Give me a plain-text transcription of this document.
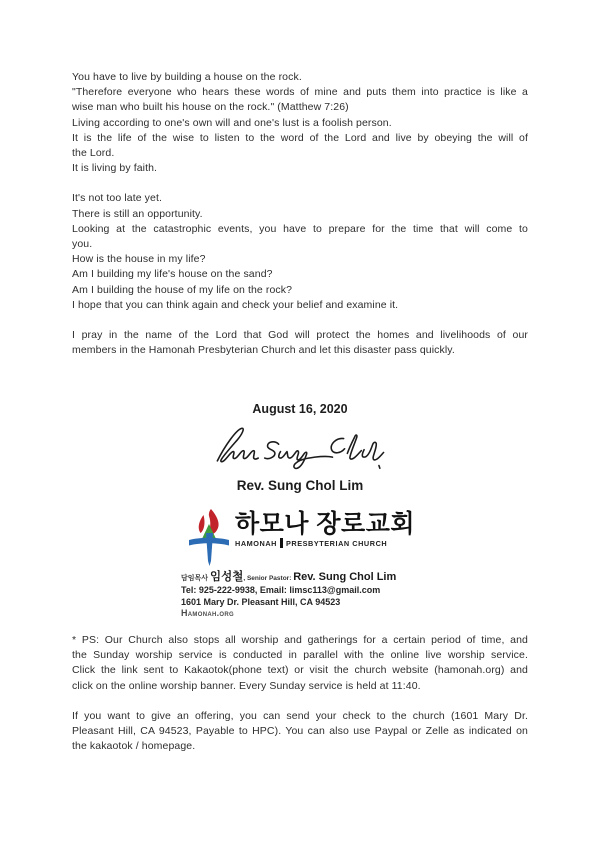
You have to live by building a house on the rock.
"Therefore everyone who hears these words of mine and puts them into practice is like a
wise man who built his house on the rock." (Matthew 7:26)
Living according to one's own will and one's lust is a foolish person.
It is the life of the wise to listen to the word of the Lord and live by obeying the will of
the Lord.
It is living by faith.
It's not too late yet.
There is still an opportunity.
Looking at the catastrophic events, you have to prepare for the time that will come to
you.
How is the house in my life?
Am I building my life's house on the sand?
Am I building the house of my life on the rock?
I hope that you can think again and check your belief and examine it.
I pray in the name of the Lord that God will protect the homes and livelihoods of our
members in the Hamonah Presbyterian Church and let this disaster pass quickly.
August 16, 2020
Rev. Sung Chol Lim
하모나 장로교회
HAMONAH PRESBYTERIAN CHURCH
담임목사 임성철, Senior Pastor: Rev. Sung Chol Lim
Tel: 925-222-9938, Email: limsc113@gmail.com
1601 Mary Dr. Pleasant Hill, CA 94523
Hamonah.org
* PS: Our Church also stops all worship and gatherings for a certain period of time, and
the Sunday worship service is conducted in parallel with the online live worship service.
Click the link sent to Kakaotok(phone text) or visit the church website (hamonah.org) and
click on the online worship banner. Every Sunday service is held at 11:40.
If you want to give an offering, you can send your check to the church (1601 Mary Dr.
Pleasant Hill, CA 94523, Payable to HPC). You can also use Paypal or Zelle as indicated on
the kakaotok / homepage.
